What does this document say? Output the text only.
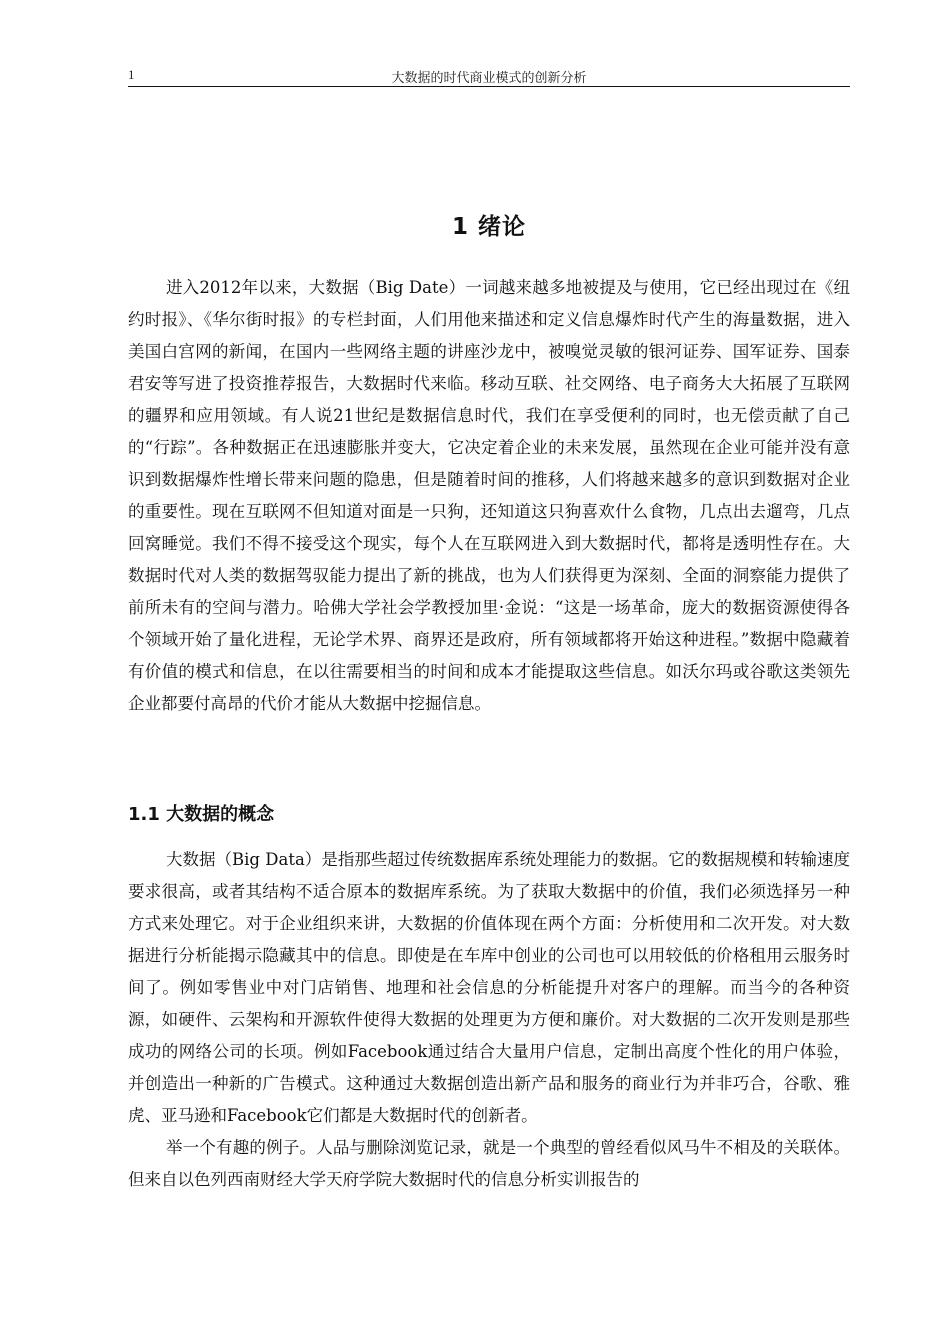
1	大数据的时代商业模式的创新分析
1 绪论

进入2012年以来，大数据（Big Date）一词越来越多地被提及与使用，它已经出现过在《纽约时报》、《华尔街时报》的专栏封面，人们用他来描述和定义信息爆炸时代产生的海量数据，进入美国白宫网的新闻，在国内一些网络主题的讲座沙龙中，被嗅觉灵敏的银河证券、国军证券、国泰君安等写进了投资推荐报告，大数据时代来临。移动互联、社交网络、电子商务大大拓展了互联网的疆界和应用领域。有人说21世纪是数据信息时代，我们在享受便利的同时，也无偿贡献了自己的“行踪”。各种数据正在迅速膨胀并变大，它决定着企业的未来发展，虽然现在企业可能并没有意识到数据爆炸性增长带来问题的隐患，但是随着时间的推移，人们将越来越多的意识到数据对企业的重要性。现在互联网不但知道对面是一只狗，还知道这只狗喜欢什么食物，几点出去遛弯，几点回窝睡觉。我们不得不接受这个现实，每个人在互联网进入到大数据时代，都将是透明性存在。大数据时代对人类的数据驾驭能力提出了新的挑战，也为人们获得更为深刻、全面的洞察能力提供了前所未有的空间与潜力。哈佛大学社会学教授加里·金说：“这是一场革命，庞大的数据资源使得各个领域开始了量化进程，无论学术界、商界还是政府，所有领域都将开始这种进程。”数据中隐藏着有价值的模式和信息，在以往需要相当的时间和成本才能提取这些信息。如沃尔玛或谷歌这类领先企业都要付高昂的代价才能从大数据中挖掘信息。

1.1 大数据的概念

大数据（Big Data）是指那些超过传统数据库系统处理能力的数据。它的数据规模和转输速度要求很高，或者其结构不适合原本的数据库系统。为了获取大数据中的价值，我们必须选择另一种方式来处理它。对于企业组织来讲，大数据的价值体现在两个方面：分析使用和二次开发。对大数据进行分析能揭示隐藏其中的信息。即使是在车库中创业的公司也可以用较低的价格租用云服务时间了。例如零售业中对门店销售、地理和社会信息的分析能提升对客户的理解。而当今的各种资源，如硬件、云架构和开源软件使得大数据的处理更为方便和廉价。对大数据的二次开发则是那些成功的网络公司的长项。例如Facebook通过结合大量用户信息，定制出高度个性化的用户体验，并创造出一种新的广告模式。这种通过大数据创造出新产品和服务的商业行为并非巧合，谷歌、雅虎、亚马逊和Facebook它们都是大数据时代的创新者。

举一个有趣的例子。人品与删除浏览记录，就是一个典型的曾经看似风马牛不相及的关联体。但来自以色列西南财经大学天府学院大数据时代的信息分析实训报告的
